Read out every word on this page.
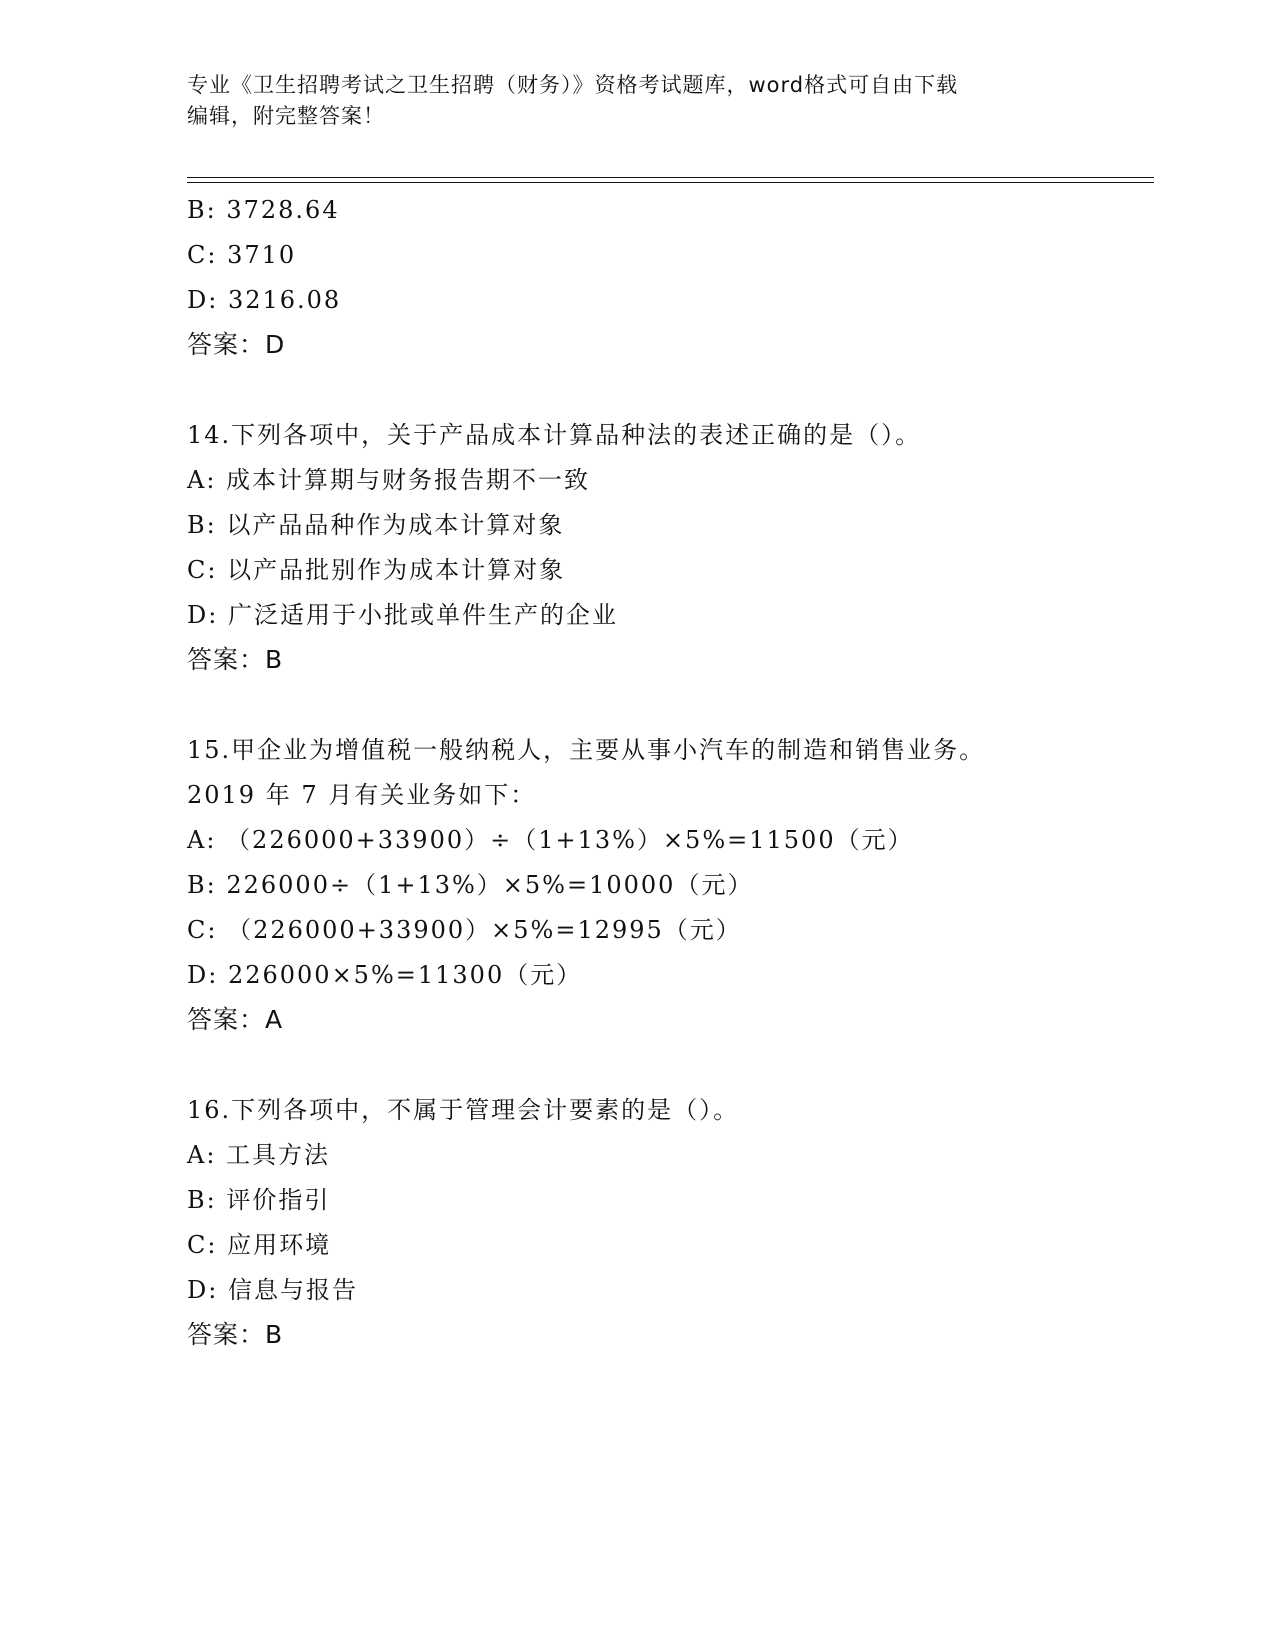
专业《卫生招聘考试之卫生招聘（财务）》资格考试题库，word格式可自由下载
编辑，附完整答案！
B: 3728.64
C: 3710
D: 3216.08
答案：D
14.下列各项中，关于产品成本计算品种法的表述正确的是（）。
A: 成本计算期与财务报告期不一致
B: 以产品品种作为成本计算对象
C: 以产品批别作为成本计算对象
D: 广泛适用于小批或单件生产的企业
答案：B
15.甲企业为增值税一般纳税人，主要从事小汽车的制造和销售业务。
2019 年 7 月有关业务如下：
A: （226000+33900）÷（1+13%）×5%=11500（元）
B: 226000÷（1+13%）×5%=10000（元）
C: （226000+33900）×5%=12995（元）
D: 226000×5%=11300（元）
答案：A
16.下列各项中，不属于管理会计要素的是（）。
A: 工具方法
B: 评价指引
C: 应用环境
D: 信息与报告
答案：B
